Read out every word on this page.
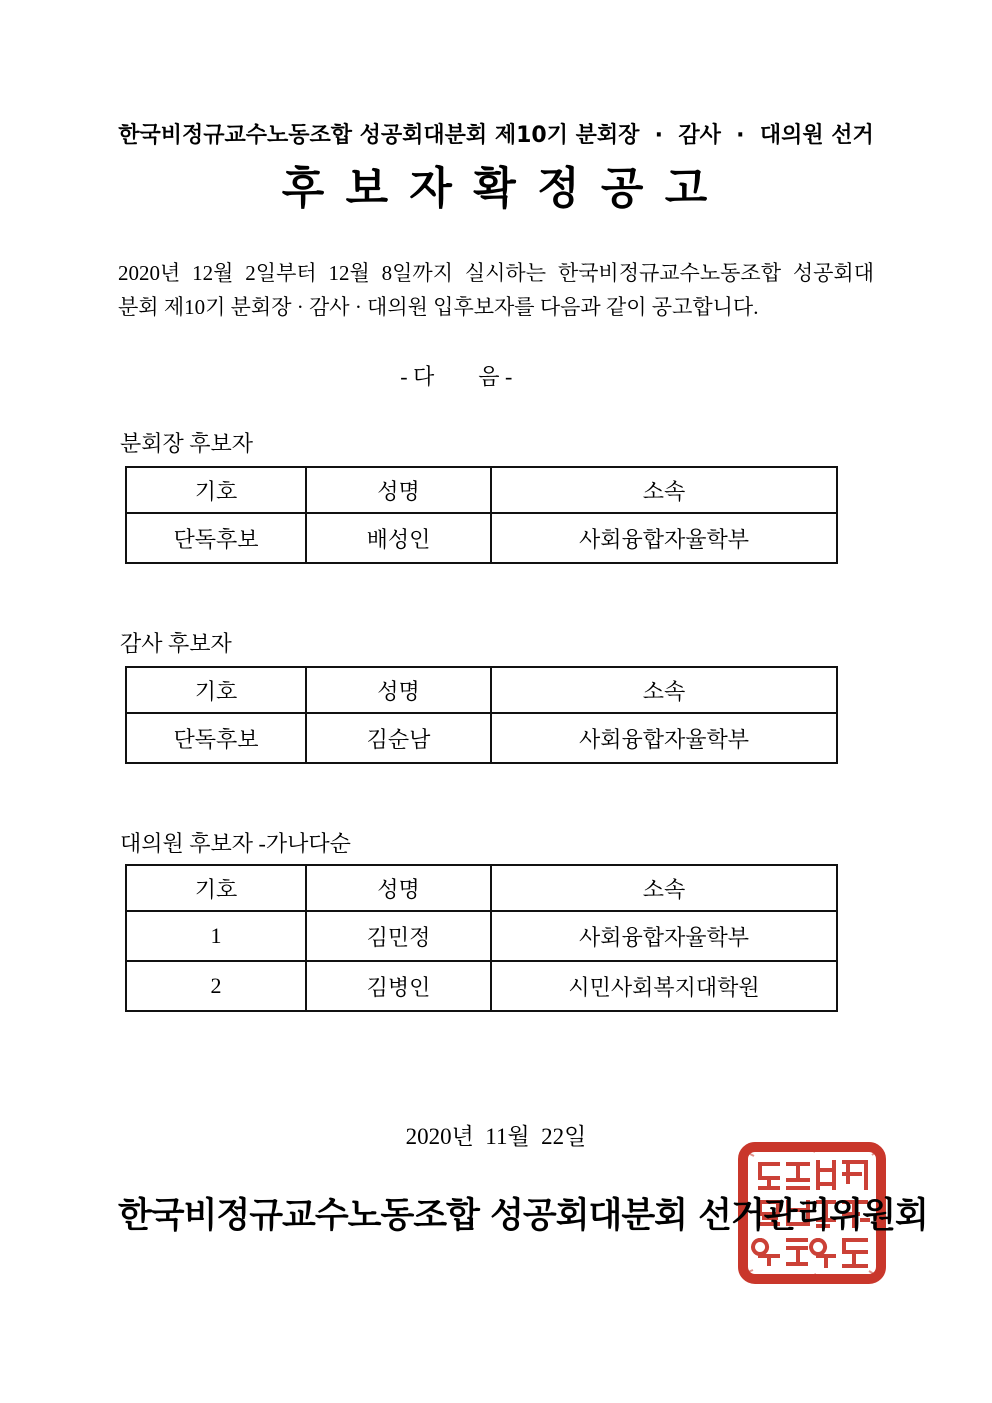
한국비정규교수노동조합 성공회대분회 제10기 분회장  ·  감사  ·  대의원 선거
후 보 자 확 정 공 고
2020년 12월 2일부터 12월 8일까지 실시하는 한국비정규교수노동조합 성공회대
분회 제10기 분회장 · 감사 · 대의원 입후보자를 다음과 같이 공고합니다.
- 다        음 -
분회장 후보자
기호	성명	소속
단독후보	배성인	사회융합자율학부
감사 후보자
기호	성명	소속
단독후보	김순남	사회융합자율학부
대의원 후보자 -가나다순
기호	성명	소속
1	김민정	사회융합자율학부
2	김병인	시민사회복지대학원
2020년  11월  22일
한국비정규교수노동조합 성공회대분회 선거관리위원회
